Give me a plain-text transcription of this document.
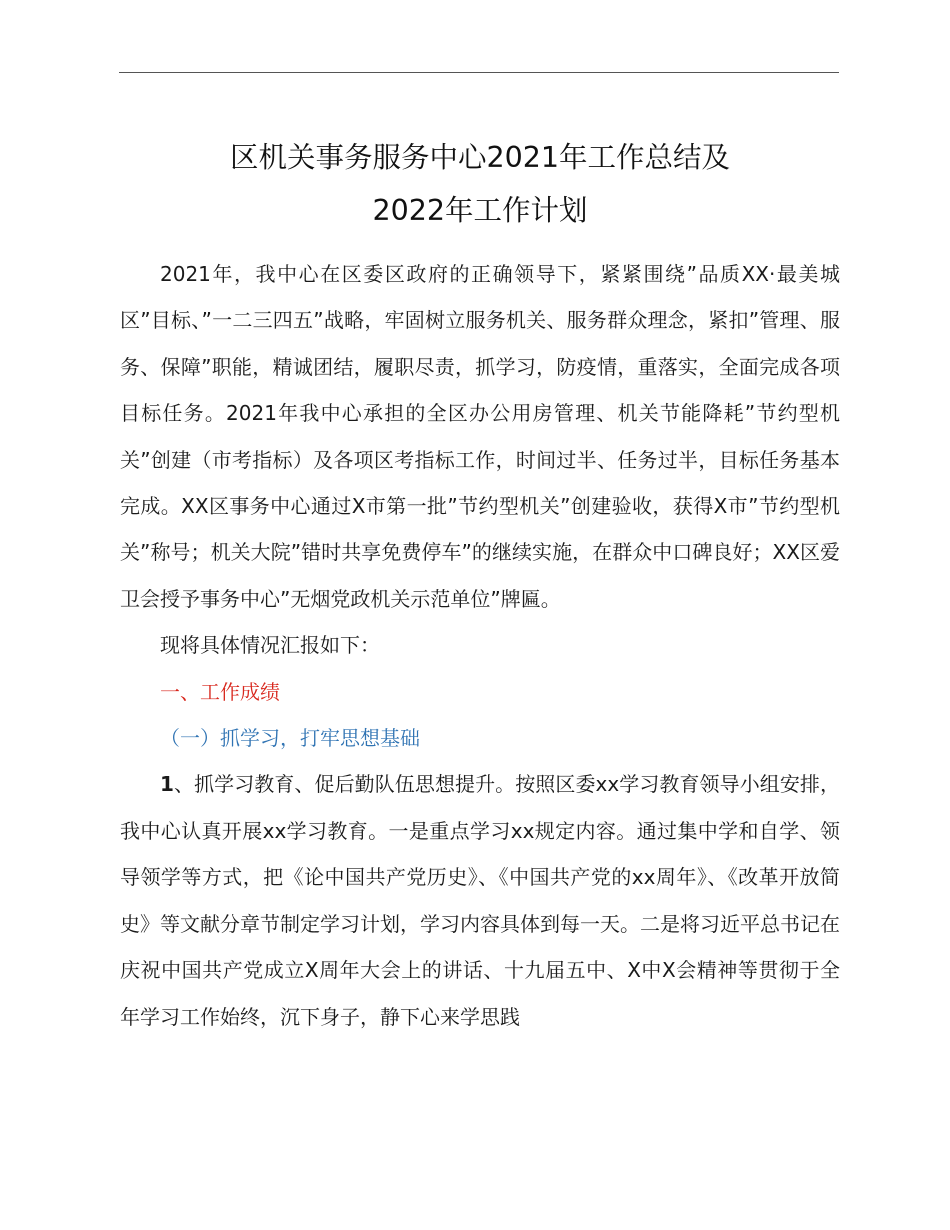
区机关事务服务中心2021年工作总结及
2022年工作计划

2021年，我中心在区委区政府的正确领导下，紧紧围绕”品质XX·最美城区”目标、”一二三四五”战略，牢固树立服务机关、服务群众理念，紧扣”管理、服务、保障”职能，精诚团结，履职尽责，抓学习，防疫情，重落实，全面完成各项目标任务。2021年我中心承担的全区办公用房管理、机关节能降耗”节约型机关”创建（市考指标）及各项区考指标工作，时间过半、任务过半，目标任务基本完成。XX区事务中心通过X市第一批”节约型机关”创建验收，获得X市”节约型机关”称号；机关大院”错时共享免费停车”的继续实施，在群众中口碑良好；XX区爱卫会授予事务中心”无烟党政机关示范单位”牌匾。

现将具体情况汇报如下：

一、工作成绩

（一）抓学习，打牢思想基础

1、抓学习教育、促后勤队伍思想提升。按照区委xx学习教育领导小组安排，我中心认真开展xx学习教育。一是重点学习xx规定内容。通过集中学和自学、领导领学等方式，把《论中国共产党历史》、《中国共产党的xx周年》、《改革开放简史》等文献分章节制定学习计划，学习内容具体到每一天。二是将习近平总书记在庆祝中国共产党成立X周年大会上的讲话、十九届五中、X中X会精神等贯彻于全年学习工作始终，沉下身子，静下心来学思践
